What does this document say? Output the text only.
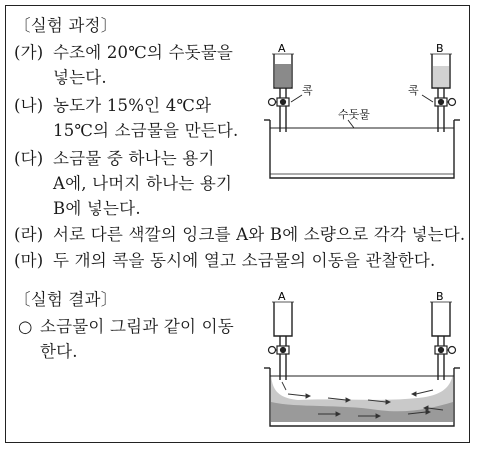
〔실험 과정〕
(가) 수조에 20℃의 수돗물을
넣는다.
(나) 농도가 15%인 4℃와
15℃의 소금물을 만든다.
(다) 소금물 중 하나는 용기
A에, 나머지 하나는 용기
B에 넣는다.
(라) 서로 다른 색깔의 잉크를 A와 B에 소량으로 각각 넣는다.
(마) 두 개의 콕을 동시에 열고 소금물의 이동을 관찰한다.
〔실험 결과〕
○ 소금물이 그림과 같이 이동
한다.
A	B
콕	콕
수돗물
A	B
